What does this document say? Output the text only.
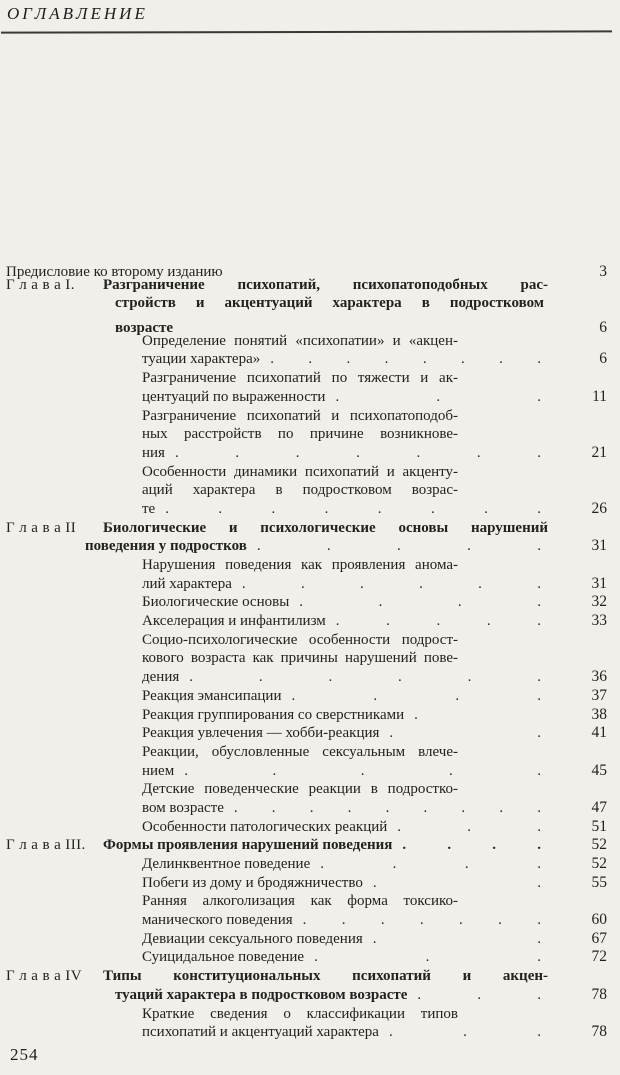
ОГЛАВЛЕНИЕ
Предисловие ко второму изданию	3
Г л а в а I.	Разграничение психопатий, психопатоподобных рас-
стройств и акцентуаций характера в подростковом
возрасте	6
Определение понятий «психопатии» и «акцен-
туации характера» . . . . . . . .	6
Разграничение психопатий по тяжести и ак-
центуаций по выраженности . . .	11
Разграничение психопатий и психопатоподоб-
ных расстройств по причине возникнове-
ния . . . . . . .	21
Особенности динамики психопатий и акценту-
аций характера в подростковом возрас-
те . . . . . . . .	26
Г л а в а II	Биологические и психологические основы нарушений
поведения у подростков . . . . .	31
Нарушения поведения как проявления анома-
лий характера . . . . . .	31
Биологические основы . . . .	32
Акселерация и инфантилизм . . . . .	33
Социо-психологические особенности подрост-
кового возраста как причины нарушений пове-
дения . . . . . .	36
Реакция эмансипации . . . .	37
Реакция группирования со сверстниками .	38
Реакция увлечения — хобби-реакция . .	41
Реакции, обусловленные сексуальным влече-
нием . . . . .	45
Детские поведенческие реакции в подростко-
вом возрасте . . . . . . . . .	47
Особенности патологических реакций . . .	51
Г л а в а III.	Формы проявления нарушений поведения . . . .	52
Делинквентное поведение . . . .	52
Побеги из дому и бродяжничество . .	55
Ранняя алкоголизация как форма токсико-
манического поведения . . . . . . .	60
Девиации сексуального поведения . .	67
Суицидальное поведение . . .	72
Г л а в а IV	Типы конституциональных психопатий и акцен-
туаций характера в подростковом возрасте . . .	78
Краткие сведения о классификации типов
психопатий и акцентуаций характера . . .	78
254
